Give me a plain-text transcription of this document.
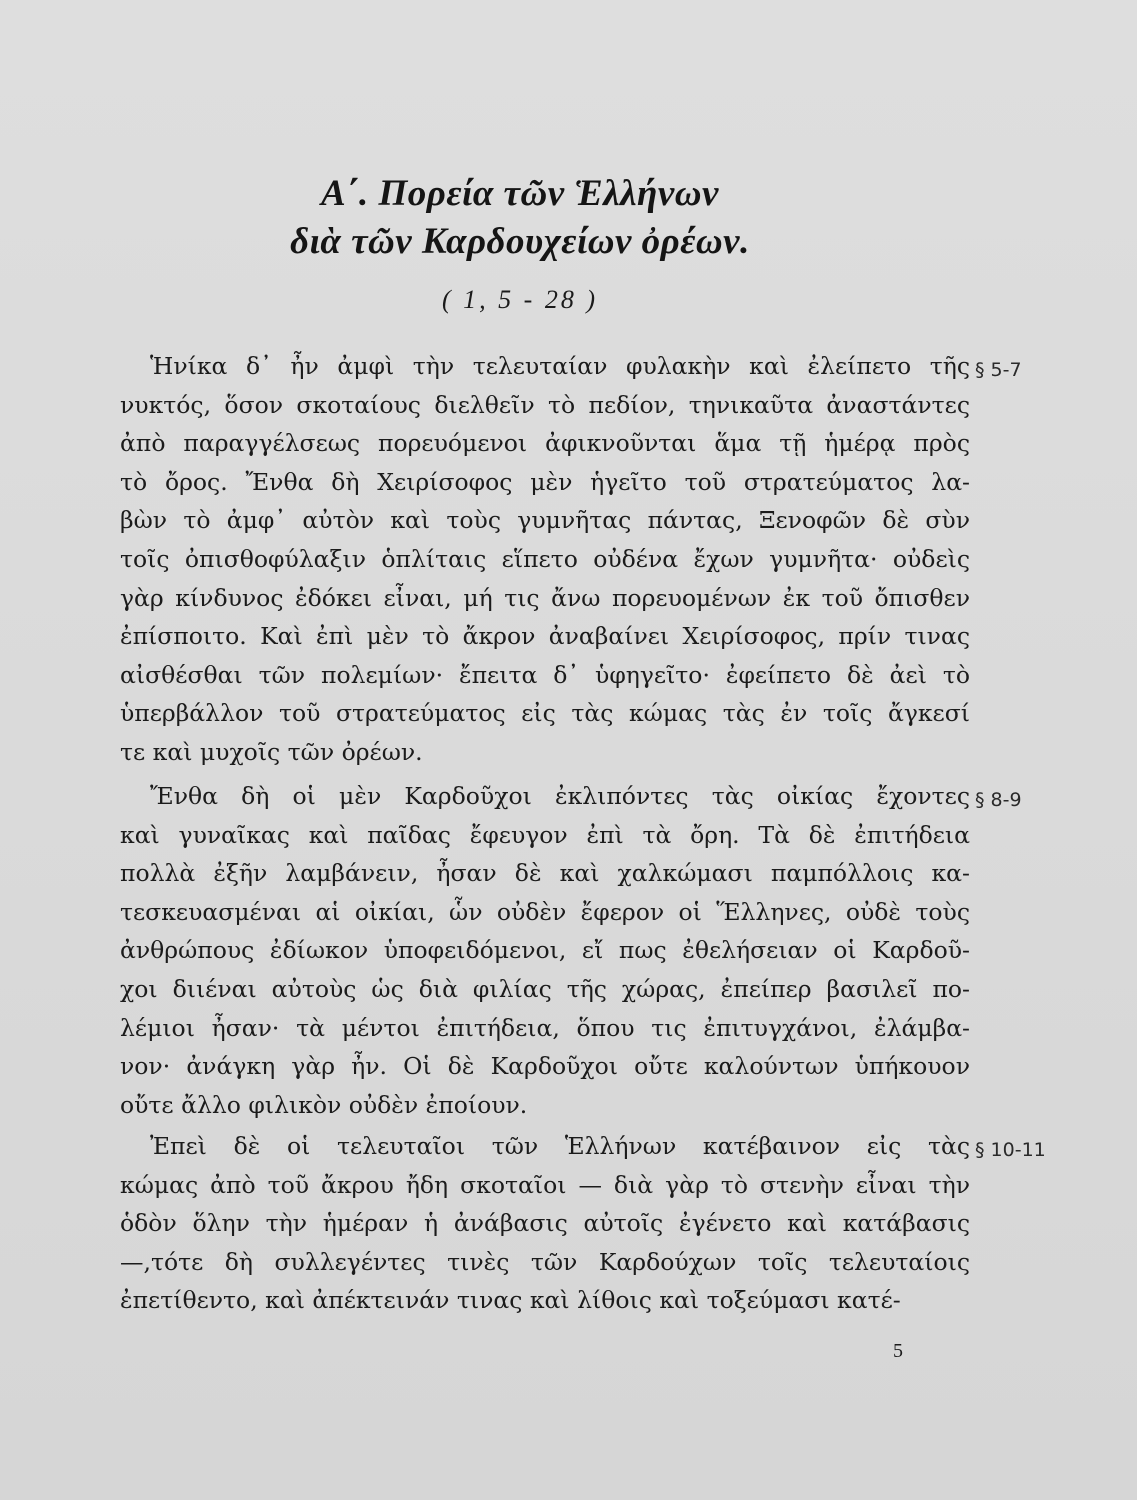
Α΄. Πορεία τῶν Ἑλλήνων
διὰ τῶν Καρδουχείων ὀρέων.
( 1, 5 - 28 )
Ἡνίκα δ᾿ ἦν ἀμφὶ τὴν τελευταίαν φυλακὴν καὶ ἐλείπετο τῆς
νυκτός, ὅσον σκοταίους διελθεῖν τὸ πεδίον, τηνικαῦτα ἀναστάντες
ἀπὸ παραγγέλσεως πορευόμενοι ἀφικνοῦνται ἅμα τῇ ἡμέρᾳ πρὸς
τὸ ὄρος. Ἔνθα δὴ Χειρίσοφος μὲν ἡγεῖτο τοῦ στρατεύματος λα-
βὼν τὸ ἀμφ᾿ αὐτὸν καὶ τοὺς γυμνῆτας πάντας, Ξενοφῶν δὲ σὺν
τοῖς ὀπισθοφύλαξιν ὁπλίταις εἵπετο οὐδένα ἔχων γυμνῆτα· οὐδεὶς
γὰρ κίνδυνος ἐδόκει εἶναι, μή τις ἄνω πορευομένων ἐκ τοῦ ὄπισθεν
ἐπίσποιτο. Καὶ ἐπὶ μὲν τὸ ἄκρον ἀναβαίνει Χειρίσοφος, πρίν τινας
αἰσθέσθαι τῶν πολεμίων· ἔπειτα δ᾿ ὑφηγεῖτο· ἐφείπετο δὲ ἀεὶ τὸ
ὑπερβάλλον τοῦ στρατεύματος εἰς τὰς κώμας τὰς ἐν τοῖς ἄγκεσί
τε καὶ μυχοῖς τῶν ὀρέων.
Ἔνθα δὴ οἱ μὲν Καρδοῦχοι ἐκλιπόντες τὰς οἰκίας ἔχοντες
καὶ γυναῖκας καὶ παῖδας ἔφευγον ἐπὶ τὰ ὄρη. Τὰ δὲ ἐπιτήδεια
πολλὰ ἐξῆν λαμβάνειν, ἦσαν δὲ καὶ χαλκώμασι παμπόλλοις κα-
τεσκευασμέναι αἱ οἰκίαι, ὧν οὐδὲν ἔφερον οἱ Ἕλληνες, οὐδὲ τοὺς
ἀνθρώπους ἐδίωκον ὑποφειδόμενοι, εἴ πως ἐθελήσειαν οἱ Καρδοῦ-
χοι διιέναι αὐτοὺς ὡς διὰ φιλίας τῆς χώρας, ἐπείπερ βασιλεῖ πο-
λέμιοι ἦσαν· τὰ μέντοι ἐπιτήδεια, ὅπου τις ἐπιτυγχάνοι, ἐλάμβα-
νον· ἀνάγκη γὰρ ἦν. Οἱ δὲ Καρδοῦχοι οὔτε καλούντων ὑπήκουον
οὔτε ἄλλο φιλικὸν οὐδὲν ἐποίουν.
Ἐπεὶ δὲ οἱ τελευταῖοι τῶν Ἑλλήνων κατέβαινον εἰς τὰς
κώμας ἀπὸ τοῦ ἄκρου ἤδη σκοταῖοι — διὰ γὰρ τὸ στενὴν εἶναι τὴν
ὁδὸν ὅλην τὴν ἡμέραν ἡ ἀνάβασις αὐτοῖς ἐγένετο καὶ κατάβασις
—,τότε δὴ συλλεγέντες τινὲς τῶν Καρδούχων τοῖς τελευταίοις
ἐπετίθεντο, καὶ ἀπέκτεινάν τινας καὶ λίθοις καὶ τοξεύμασι κατέ-
§ 5-7
§ 8-9
§ 10-11
5
